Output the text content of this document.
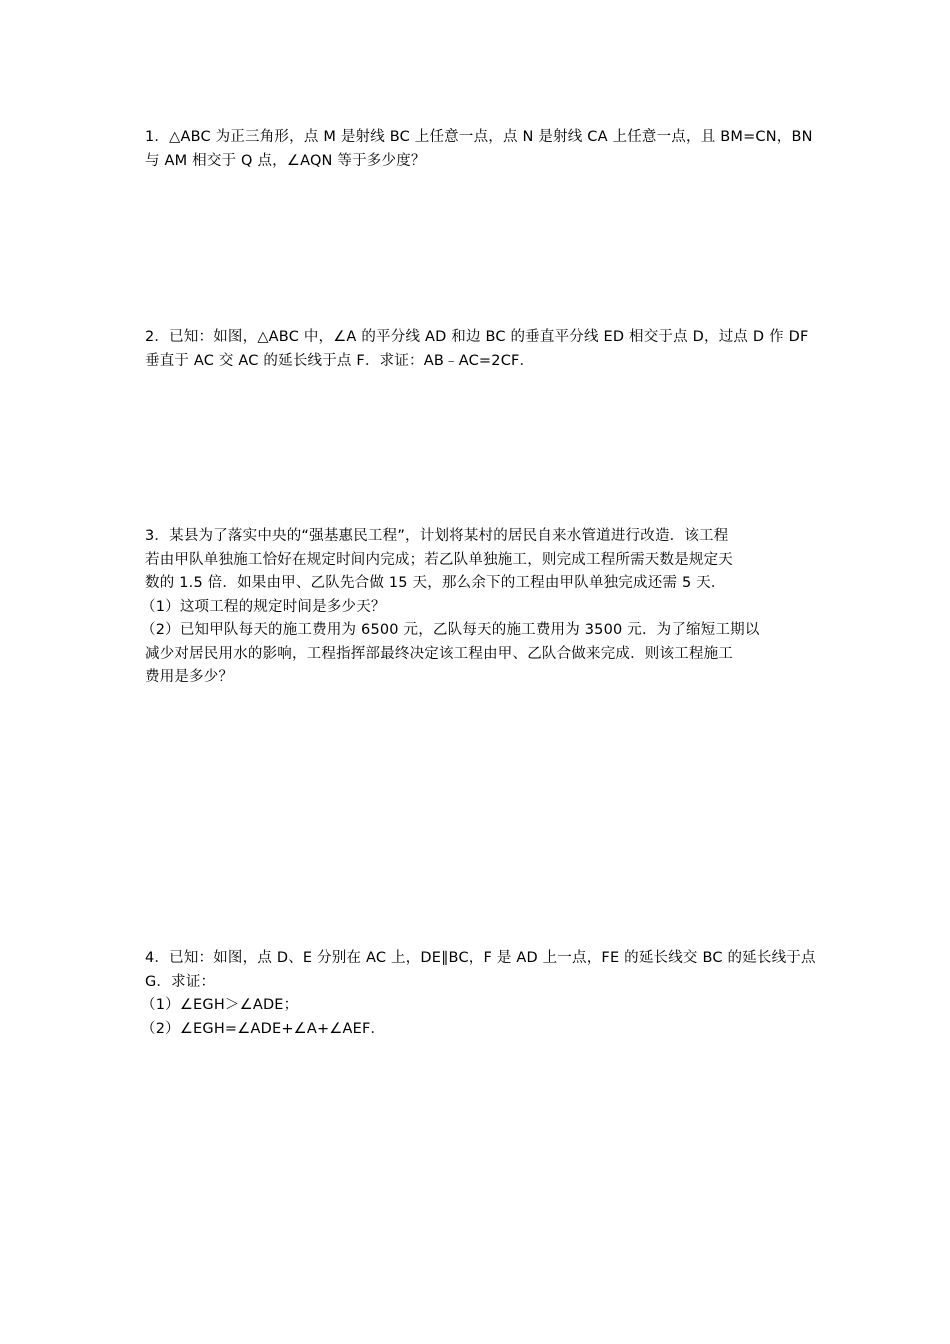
1．△ABC 为正三角形，点 M 是射线 BC 上任意一点，点 N 是射线 CA 上任意一点，且 BM=CN，BN
与 AM 相交于 Q 点，∠AQN 等于多少度？
2．已知：如图，△ABC 中，∠A 的平分线 AD 和边 BC 的垂直平分线 ED 相交于点 D，过点 D 作 DF
垂直于 AC 交 AC 的延长线于点 F．求证：AB﹣AC=2CF．
3．某县为了落实中央的“强基惠民工程”，计划将某村的居民自来水管道进行改造．该工程
若由甲队单独施工恰好在规定时间内完成；若乙队单独施工，则完成工程所需天数是规定天
数的 1.5 倍．如果由甲、乙队先合做 15 天，那么余下的工程由甲队单独完成还需 5 天．
（1）这项工程的规定时间是多少天？
（2）已知甲队每天的施工费用为 6500 元，乙队每天的施工费用为 3500 元．为了缩短工期以
减少对居民用水的影响，工程指挥部最终决定该工程由甲、乙队合做来完成．则该工程施工
费用是多少？
4．已知：如图，点 D、E 分别在 AC 上，DE∥BC，F 是 AD 上一点，FE 的延长线交 BC 的延长线于点
G．求证：
（1）∠EGH＞∠ADE；
（2）∠EGH=∠ADE+∠A+∠AEF．
